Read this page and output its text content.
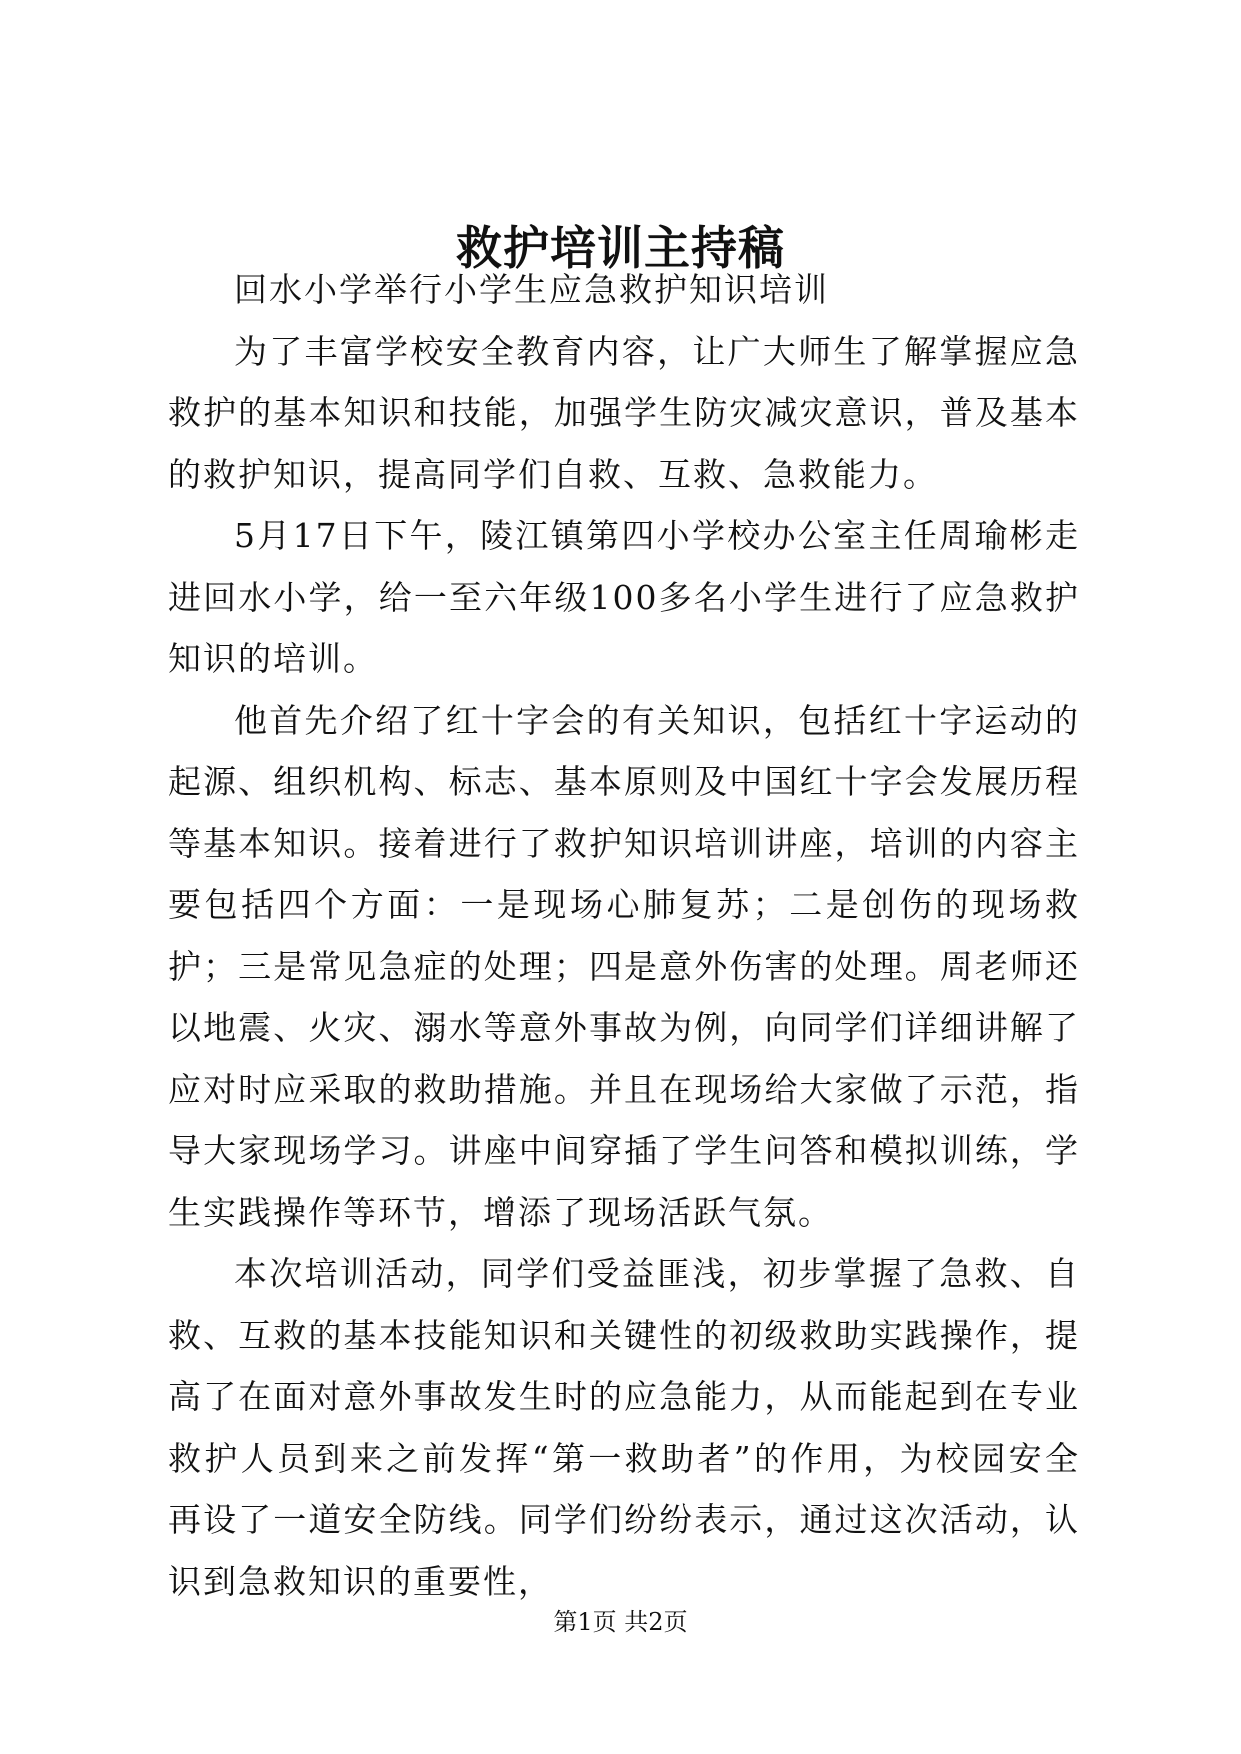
救护培训主持稿

回水小学举行小学生应急救护知识培训

为了丰富学校安全教育内容，让广大师生了解掌握应急救护的基本知识和技能，加强学生防灾减灾意识，普及基本的救护知识，提高同学们自救、互救、急救能力。

5月17日下午，陵江镇第四小学校办公室主任周瑜彬走进回水小学，给一至六年级100多名小学生进行了应急救护知识的培训。

他首先介绍了红十字会的有关知识，包括红十字运动的起源、组织机构、标志、基本原则及中国红十字会发展历程等基本知识。接着进行了救护知识培训讲座，培训的内容主要包括四个方面：一是现场心肺复苏；二是创伤的现场救护；三是常见急症的处理；四是意外伤害的处理。周老师还以地震、火灾、溺水等意外事故为例，向同学们详细讲解了应对时应采取的救助措施。并且在现场给大家做了示范，指导大家现场学习。讲座中间穿插了学生问答和模拟训练，学生实践操作等环节，增添了现场活跃气氛。

本次培训活动，同学们受益匪浅，初步掌握了急救、自救、互救的基本技能知识和关键性的初级救助实践操作，提高了在面对意外事故发生时的应急能力，从而能起到在专业救护人员到来之前发挥“第一救助者”的作用，为校园安全再设了一道安全防线。同学们纷纷表示，通过这次活动，认识到急救知识的重要性，

第1页 共2页
